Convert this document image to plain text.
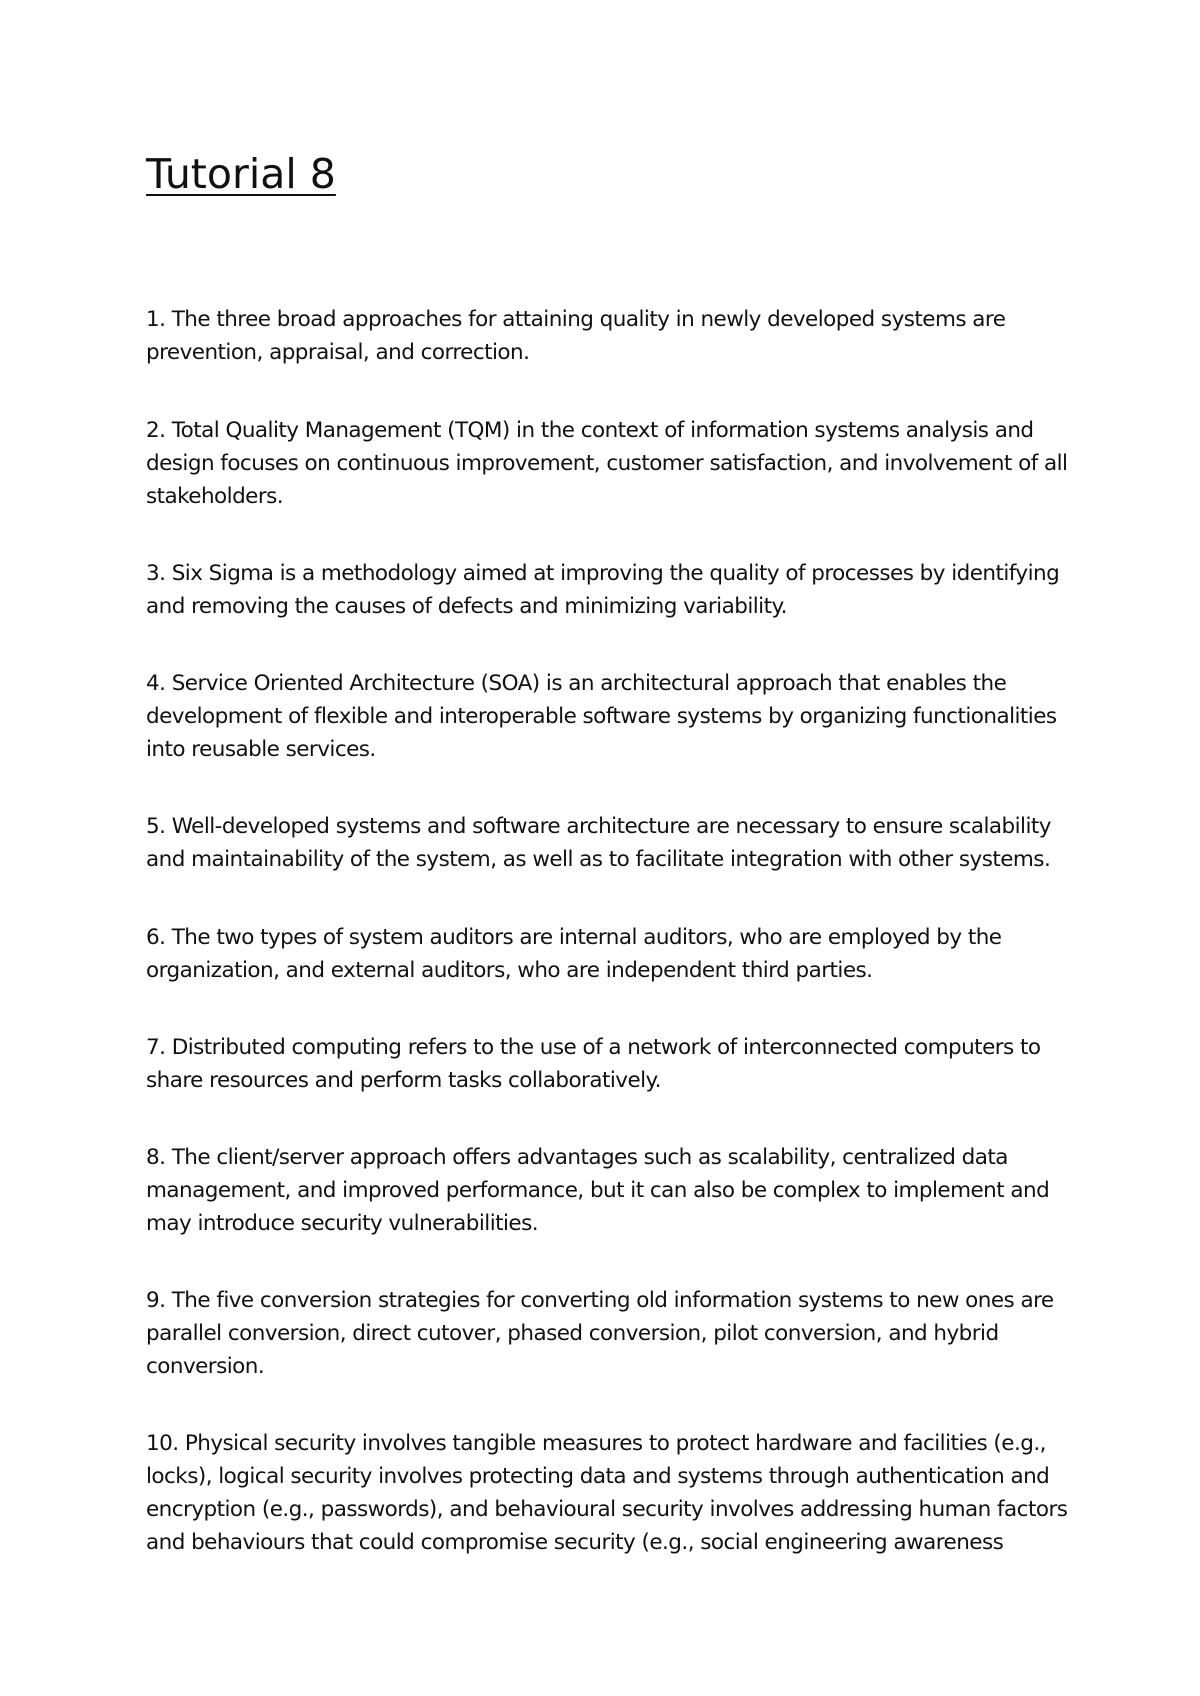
Tutorial 8
1. The three broad approaches for attaining quality in newly developed systems are prevention, appraisal, and correction.
2. Total Quality Management (TQM) in the context of information systems analysis and design focuses on continuous improvement, customer satisfaction, and involvement of all stakeholders.
3. Six Sigma is a methodology aimed at improving the quality of processes by identifying and removing the causes of defects and minimizing variability.
4. Service Oriented Architecture (SOA) is an architectural approach that enables the development of flexible and interoperable software systems by organizing functionalities into reusable services.
5. Well-developed systems and software architecture are necessary to ensure scalability and maintainability of the system, as well as to facilitate integration with other systems.
6. The two types of system auditors are internal auditors, who are employed by the organization, and external auditors, who are independent third parties.
7. Distributed computing refers to the use of a network of interconnected computers to share resources and perform tasks collaboratively.
8. The client/server approach offers advantages such as scalability, centralized data management, and improved performance, but it can also be complex to implement and may introduce security vulnerabilities.
9. The five conversion strategies for converting old information systems to new ones are parallel conversion, direct cutover, phased conversion, pilot conversion, and hybrid conversion.
10. Physical security involves tangible measures to protect hardware and facilities (e.g., locks), logical security involves protecting data and systems through authentication and encryption (e.g., passwords), and behavioural security involves addressing human factors and behaviours that could compromise security (e.g., social engineering awareness
